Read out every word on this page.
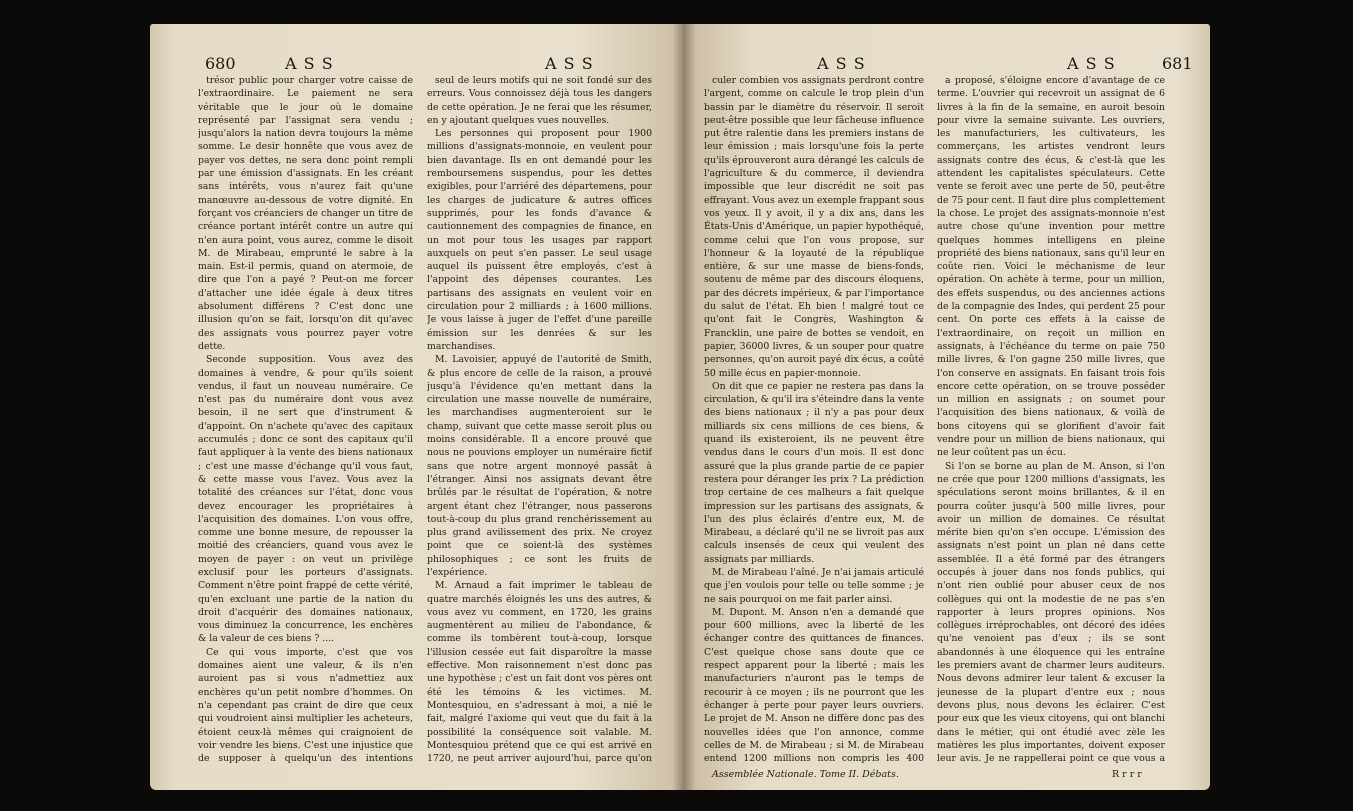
680	A S S	A S S

trésor public pour charger votre caisse de l'extraordinaire. Le paiement ne sera véritable que le jour où le domaine représenté par l'assignat sera vendu ; jusqu'alors la nation devra toujours la même somme. Le desir honnête que vous avez de payer vos dettes, ne sera donc point rempli par une émission d'assignats. En les créant sans intérêts, vous n'aurez fait qu'une manœuvre au-dessous de votre dignité. En forçant vos créanciers de changer un titre de créance portant intérêt contre un autre qui n'en aura point, vous aurez, comme le disoit M. de Mirabeau, emprunté le sabre à la main. Est-il permis, quand on atermoie, de dire que l'on a payé ? Peut-on me forcer d'attacher une idée égale à deux titres absolument différens ? C'est donc une illusion qu'on se fait, lorsqu'on dit qu'avec des assignats vous pourrez payer votre dette.

Seconde supposition. Vous avez des domaines à vendre, & pour qu'ils soient vendus, il faut un nouveau numéraire. Ce n'est pas du numéraire dont vous avez besoin, il ne sert que d'instrument & d'appoint. On n'achete qu'avec des capitaux accumulés ; donc ce sont des capitaux qu'il faut appliquer à la vente des biens nationaux ; c'est une masse d'échange qu'il vous faut, & cette masse vous l'avez. Vous avez la totalité des créances sur l'état, donc vous devez encourager les propriétaires à l'acquisition des domaines. L'on vous offre, comme une bonne mesure, de repousser la moitié des créanciers, quand vous avez le moyen de payer : on veut un privilège exclusif pour les porteurs d'assignats. Comment n'être point frappé de cette vérité, qu'en excluant une partie de la nation du droit d'acquérir des domaines nationaux, vous diminuez la concurrence, les enchères & la valeur de ces biens ? ....

Ce qui vous importe, c'est que vos domaines aient une valeur, & ils n'en auroient pas si vous n'admettiez aux enchères qu'un petit nombre d'hommes. On n'a cependant pas craint de dire que ceux qui voudroient ainsi multiplier les acheteurs, étoient ceux-là mêmes qui craignoient de voir vendre les biens. C'est une injustice que de supposer à quelqu'un des intentions

seul de leurs motifs qui ne soit fondé sur des erreurs. Vous connoissez déjà tous les dangers de cette opération. Je ne ferai que les résumer, en y ajoutant quelques vues nouvelles.

Les personnes qui proposent pour 1900 millions d'assignats-monnoie, en veulent pour bien davantage. Ils en ont demandé pour les remboursemens suspendus, pour les dettes exigibles, pour l'arriéré des départemens, pour les charges de judicature & autres offices supprimés, pour les fonds d'avance & cautionnement des compagnies de finance, en un mot pour tous les usages par rapport auxquels on peut s'en passer. Le seul usage auquel ils puissent être employés, c'est à l'appoint des dépenses courantes. Les partisans des assignats en veulent voir en circulation pour 2 milliards ; à 1600 millions. Je vous laisse à juger de l'effet d'une pareille émission sur les denrées & sur les marchandises.

M. Lavoisier, appuyé de l'autorité de Smith, & plus encore de celle de la raison, a prouvé jusqu'à l'évidence qu'en mettant dans la circulation une masse nouvelle de numéraire, les marchandises augmenteroient sur le champ, suivant que cette masse seroit plus ou moins considérable. Il a encore prouvé que nous ne pouvions employer un numéraire fictif sans que notre argent monnoyé passât à l'étranger. Ainsi nos assignats devant être brûlés par le résultat de l'opération, & notre argent étant chez l'étranger, nous passerons tout-à-coup du plus grand renchérissement au plus grand avilissement des prix. Ne croyez point que ce soient-là des systèmes philosophiques ; ce sont les fruits de l'expérience.

M. Arnaud a fait imprimer le tableau de quatre marchés éloignés les uns des autres, & vous avez vu comment, en 1720, les grains augmentèrent au milieu de l'abondance, & comme ils tombèrent tout-à-coup, lorsque l'illusion cessée eut fait disparoître la masse effective. Mon raisonnement n'est donc pas une hypothèse ; c'est un fait dont vos pères ont été les témoins & les victimes. M. Montesquiou, en s'adressant à moi, a nié le fait, malgré l'axiome qui veut que du fait à la possibilité la conséquence soit valable. M. Montesquiou prétend que ce qui est arrivé en 1720, ne peut arriver aujourd'hui, parce qu'on

A S S	A S S	681

culer combien vos assignats perdront contre l'argent, comme on calcule le trop plein d'un bassin par le diamètre du réservoir. Il seroit peut-être possible que leur fâcheuse influence put être ralentie dans les premiers instans de leur émission ; mais lorsqu'une fois la perte qu'ils éprouveront aura dérangé les calculs de l'agriculture & du commerce, il deviendra impossible que leur discrédit ne soit pas effrayant. Vous avez un exemple frappant sous vos yeux. Il y avoit, il y a dix ans, dans les États-Unis d'Amérique, un papier hypothéqué, comme celui que l'on vous propose, sur l'honneur & la loyauté de la république entière, & sur une masse de biens-fonds, soutenu de même par des discours éloquens, par des décrets impérieux, & par l'importance du salut de l'état. Eh bien ! malgré tout ce qu'ont fait le Congrès, Washington & Francklin, une paire de bottes se vendoit, en papier, 36000 livres, & un souper pour quatre personnes, qu'on auroit payé dix écus, a coûté 50 mille écus en papier-monnoie.

On dit que ce papier ne restera pas dans la circulation, & qu'il ira s'éteindre dans la vente des biens nationaux ; il n'y a pas pour deux milliards six cens millions de ces biens, & quand ils existeroient, ils ne peuvent être vendus dans le cours d'un mois. Il est donc assuré que la plus grande partie de ce papier restera pour déranger les prix ? La prédiction trop certaine de ces malheurs a fait quelque impression sur les partisans des assignats, & l'un des plus éclairés d'entre eux, M. de Mirabeau, a déclaré qu'il ne se livroit pas aux calculs insensés de ceux qui veulent des assignats par milliards.

M. de Mirabeau l'aîné. Je n'ai jamais articulé que j'en voulois pour telle ou telle somme ; je ne sais pourquoi on me fait parler ainsi.

M. Dupont. M. Anson n'en a demandé que pour 600 millions, avec la liberté de les échanger contre des quittances de finances. C'est quelque chose sans doute que ce respect apparent pour la liberté ; mais les manufacturiers n'auront pas le temps de recourir à ce moyen ; ils ne pourront que les échanger à perte pour payer leurs ouvriers. Le projet de M. Anson ne diffère donc pas des nouvelles idées que l'on annonce, comme celles de M. de Mirabeau ; si M. de Mirabeau entend 1200 millions non compris les 400

a proposé, s'éloigne encore d'avantage de ce terme. L'ouvrier qui recevroit un assignat de 6 livres à la fin de la semaine, en auroit besoin pour vivre la semaine suivante. Les ouvriers, les manufacturiers, les cultivateurs, les commerçans, les artistes vendront leurs assignats contre des écus, & c'est-là que les attendent les capitalistes spéculateurs. Cette vente se feroit avec une perte de 50, peut-être de 75 pour cent. Il faut dire plus complettement la chose. Le projet des assignats-monnoie n'est autre chose qu'une invention pour mettre quelques hommes intelligens en pleine propriété des biens nationaux, sans qu'il leur en coûte rien. Voici le méchanisme de leur opération. On achète à terme, pour un million, des effets suspendus, ou des anciennes actions de la compagnie des Indes, qui perdent 25 pour cent. On porte ces effets à la caisse de l'extraordinaire, on reçoit un million en assignats, à l'échéance du terme on paie 750 mille livres, & l'on gagne 250 mille livres, que l'on conserve en assignats. En faisant trois fois encore cette opération, on se trouve posséder un million en assignats ; on soumet pour l'acquisition des biens nationaux, & voilà de bons citoyens qui se glorifient d'avoir fait vendre pour un million de biens nationaux, qui ne leur coûtent pas un écu.

Si l'on se borne au plan de M. Anson, si l'on ne crée que pour 1200 millions d'assignats, les spéculations seront moins brillantes, & il en pourra coûter jusqu'à 500 mille livres, pour avoir un million de domaines. Ce résultat mérite bien qu'on s'en occupe. L'émission des assignats n'est point un plan né dans cette assemblée. Il a été formé par des étrangers occupés à jouer dans nos fonds publics, qui n'ont rien oublié pour abuser ceux de nos collègues qui ont la modestie de ne pas s'en rapporter à leurs propres opinions. Nos collègues irréprochables, ont décoré des idées qu'ne venoient pas d'eux ; ils se sont abandonnés à une éloquence qui les entraîne les premiers avant de charmer leurs auditeurs. Nous devons admirer leur talent & excuser la jeunesse de la plupart d'entre eux ; nous devons plus, nous devons les éclairer. C'est pour eux que les vieux citoyens, qui ont blanchi dans le métier, qui ont étudié avec zèle les matières les plus importantes, doivent exposer leur avis. Je ne rappellerai point ce que vous a

Assemblée Nationale. Tome II. Débats.	R r r r
